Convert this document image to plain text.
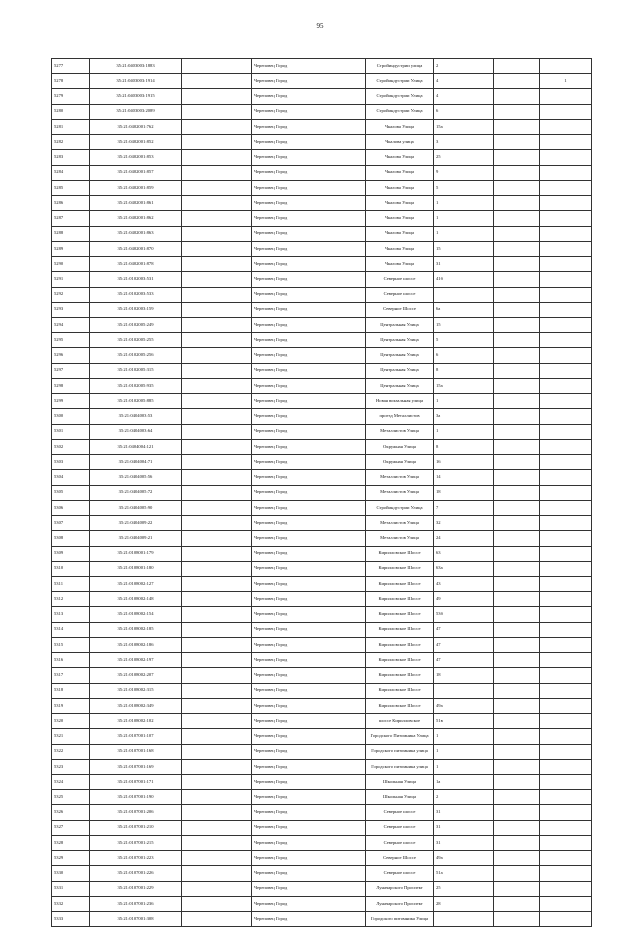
95
5277	35:21:0403003:1883		Череповец Город	Стройиндустрии улица	2		
5278	35:21:0403003:1914		Череповец Город	Стройиндустрии Улица	4		1
5279	35:21:0403003:1915		Череповец Город	Стройиндустрии Улица	4		
5280	35:21:0403003:2089		Череповец Город	Стройиндустрии Улица	6		
5281	35:21:0402001:762		Череповец Город	Чкалова Улица	15а		
5282	35:21:0402001:852		Череповец Город	Чкалова улица	3		
5283	35:21:0402001:853		Череповец Город	Чкалова Улица	25		
5284	35:21:0402001:857		Череповец Город	Чкалова Улица	9		
5285	35:21:0402001:859		Череповец Город	Чкалова Улица	5		
5286	35:21:0402001:861		Череповец Город	Чкалова Улица	1		
5287	35:21:0402001:862		Череповец Город	Чкалова Улица	1		
5288	35:21:0402001:863		Череповец Город	Чкалова Улица	1		
5289	35:21:0402001:870		Череповец Город	Чкалова Улица	15		
5290	35:21:0402001:878		Череповец Город	Чкалова Улица	31		
5291	35:21:0102003:531		Череповец Город	Северное шоссе	41б		
5292	35:21:0102003:533		Череповец Город	Северное шоссе			
5293	35:21:0102003:159		Череповец Город	Северное Шоссе	6а		
5294	35:21:0102005:249		Череповец Город	Центральная Улица	15		
5295	35:21:0102005:255		Череповец Город	Центральная Улица	5		
5296	35:21:0102005:256		Череповец Город	Центральная Улица	6		
5297	35:21:0102005:315		Череповец Город	Центральная Улица	8		
5298	35:21:0102005:935		Череповец Город	Центральная Улица	15а		
5299	35:21:0102005:885		Череповец Город	Новая вокзальная улица	1		
5300	35:21:0404003:53		Череповец Город	проезд Металлистов	3а		
5301	35:21:0404003:64		Череповец Город	Металлистов Улица	1		
5302	35:21:0404004:121		Череповец Город	Окружная Улица	8		
5303	35:21:0404004:71		Череповец Город	Окружная Улица	16		
5304	35:21:0404005:56		Череповец Город	Металлистов Улица	14		
5305	35:21:0404005:72		Череповец Город	Металлистов Улица	18		
5306	35:21:0404005:90		Череповец Город	Стройиндустрии Улица	7		
5307	35:21:0404009:22		Череповец Город	Металлистов Улица	32		
5308	35:21:0404009:21		Череповец Город	Металлистов Улица	24		
5309	35:21:0108001:179		Череповец Город	Кирилловское Шоссе	63		
5310	35:21:0108001:180		Череповец Город	Кирилловское Шоссе	63а		
5311	35:21:0108002:127		Череповец Город	Кирилловское Шоссе	43		
5312	35:21:0108002:148		Череповец Город	Кирилловское Шоссе	49		
5313	35:21:0108002:154		Череповец Город	Кирилловское Шоссе	53б		
5314	35:21:0108002:185		Череповец Город	Кирилловское Шоссе	47		
5315	35:21:0108002:186		Череповец Город	Кирилловское Шоссе	47		
5316	35:21:0108002:197		Череповец Город	Кирилловское Шоссе	47		
5317	35:21:0108002:207		Череповец Город	Кирилловское Шоссе	18		
5318	35:21:0108002:315		Череповец Город	Кирилловское Шоссе			
5319	35:21:0108002:349		Череповец Город	Кирилловское Шоссе	49а		
5320	35:21:0108002:102		Череповец Город	шоссе Кирилловское	51в		
5321	35:21:0107001:107		Череповец Город	Городского Питомника Улица	1		
5322	35:21:0107001:168		Череповец Город	Городского питомника улица	1		
5323	35:21:0107001:169		Череповец Город	Городского питомника улица	1		
5324	35:21:0107001:171		Череповец Город	Школьная Улица	1а		
5325	35:21:0107001:190		Череповец Город	Школьная Улица	2		
5326	35:21:0107001:206		Череповец Город	Северное шоссе	31		
5327	35:21:0107001:210		Череповец Город	Северное шоссе	31		
5328	35:21:0107001:215		Череповец Город	Северное шоссе	31		
5329	35:21:0107001:223		Череповец Город	Северное Шоссе	49а		
5330	35:21:0107001:226		Череповец Город	Северное шоссе	51а		
5331	35:21:0107001:229		Череповец Город	Луначарского Проспект	25		
5332	35:21:0107001:236		Череповец Город	Луначарского Проспект	28		
5333	35:21:0107001:308		Череповец Город	Городского питомника Улица			
